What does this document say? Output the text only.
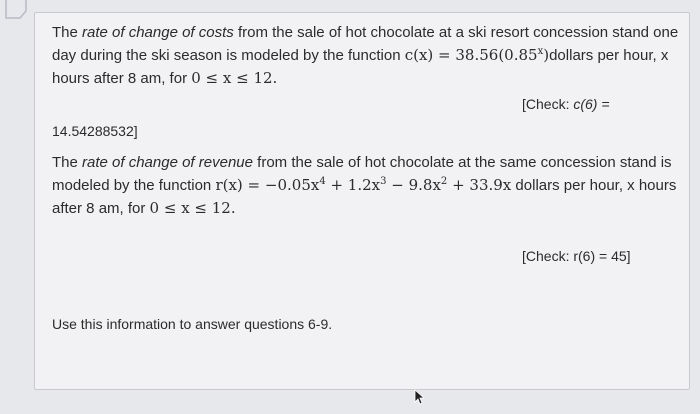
The rate of change of costs from the sale of hot chocolate at a ski resort concession stand one day during the ski season is modeled by the function $c(x) = 38.56(0.85^x)dollars$ per hour, x hours after 8 am, for 0 ≤ x ≤ 12.

[Check: c(6) =
14.54288532]

The rate of change of revenue from the sale of hot chocolate at the same concession stand is modeled by the function $r(x) = -0.05x^4 + 1.2x^3 - 9.8x^2 + 33.9x$ dollars per hour, x hours after 8 am, for 0 ≤ x ≤ 12.

[Check: r(6) = 45]
Use this information to answer questions 6-9.
